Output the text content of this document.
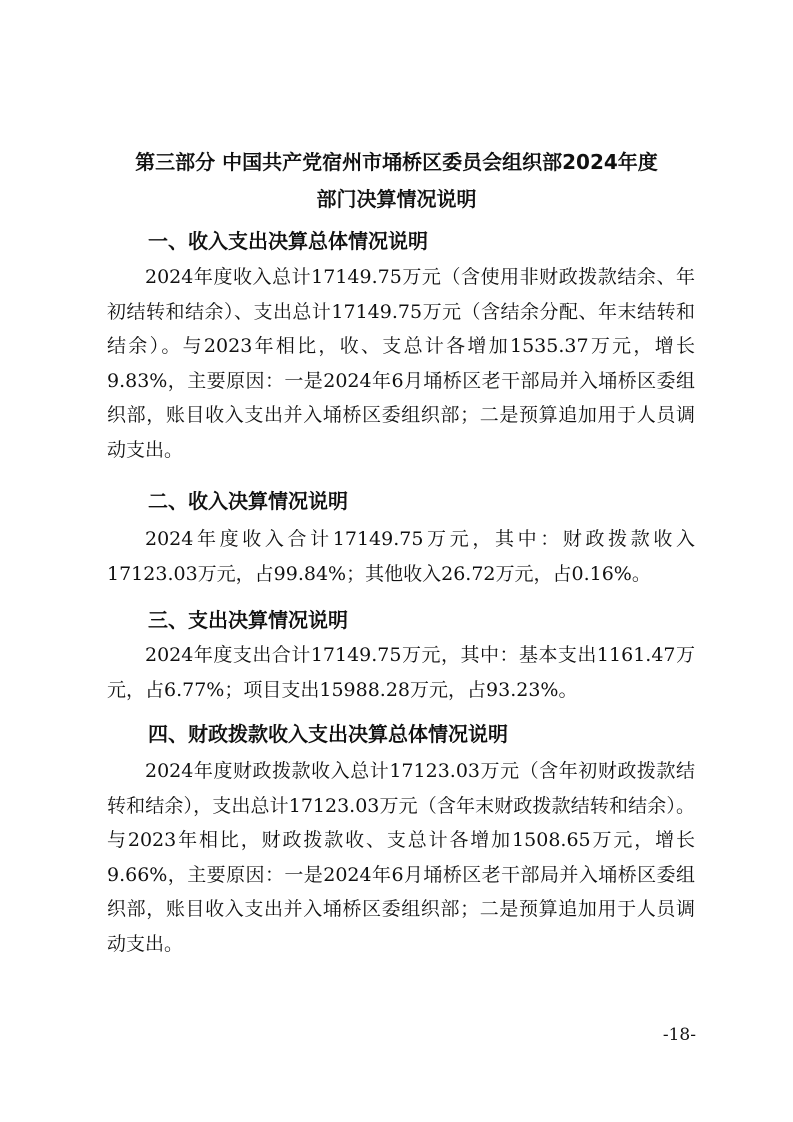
第三部分 中国共产党宿州市埇桥区委员会组织部2024年度
部门决算情况说明
一、收入支出决算总体情况说明
2024年度收入总计17149.75万元（含使用非财政拨款结余、年初结转和结余）、支出总计17149.75万元（含结余分配、年末结转和结余）。与2023年相比，收、支总计各增加1535.37万元，增长9.83%，主要原因：一是2024年6月埇桥区老干部局并入埇桥区委组织部，账目收入支出并入埇桥区委组织部；二是预算追加用于人员调动支出。
二、收入决算情况说明
2024年度收入合计17149.75万元，其中：财政拨款收入17123.03万元，占99.84%；其他收入26.72万元，占0.16%。
三、支出决算情况说明
2024年度支出合计17149.75万元，其中：基本支出1161.47万元，占6.77%；项目支出15988.28万元，占93.23%。
四、财政拨款收入支出决算总体情况说明
2024年度财政拨款收入总计17123.03万元（含年初财政拨款结转和结余），支出总计17123.03万元（含年末财政拨款结转和结余）。与2023年相比，财政拨款收、支总计各增加1508.65万元，增长9.66%，主要原因：一是2024年6月埇桥区老干部局并入埇桥区委组织部，账目收入支出并入埇桥区委组织部；二是预算追加用于人员调动支出。
-18-
